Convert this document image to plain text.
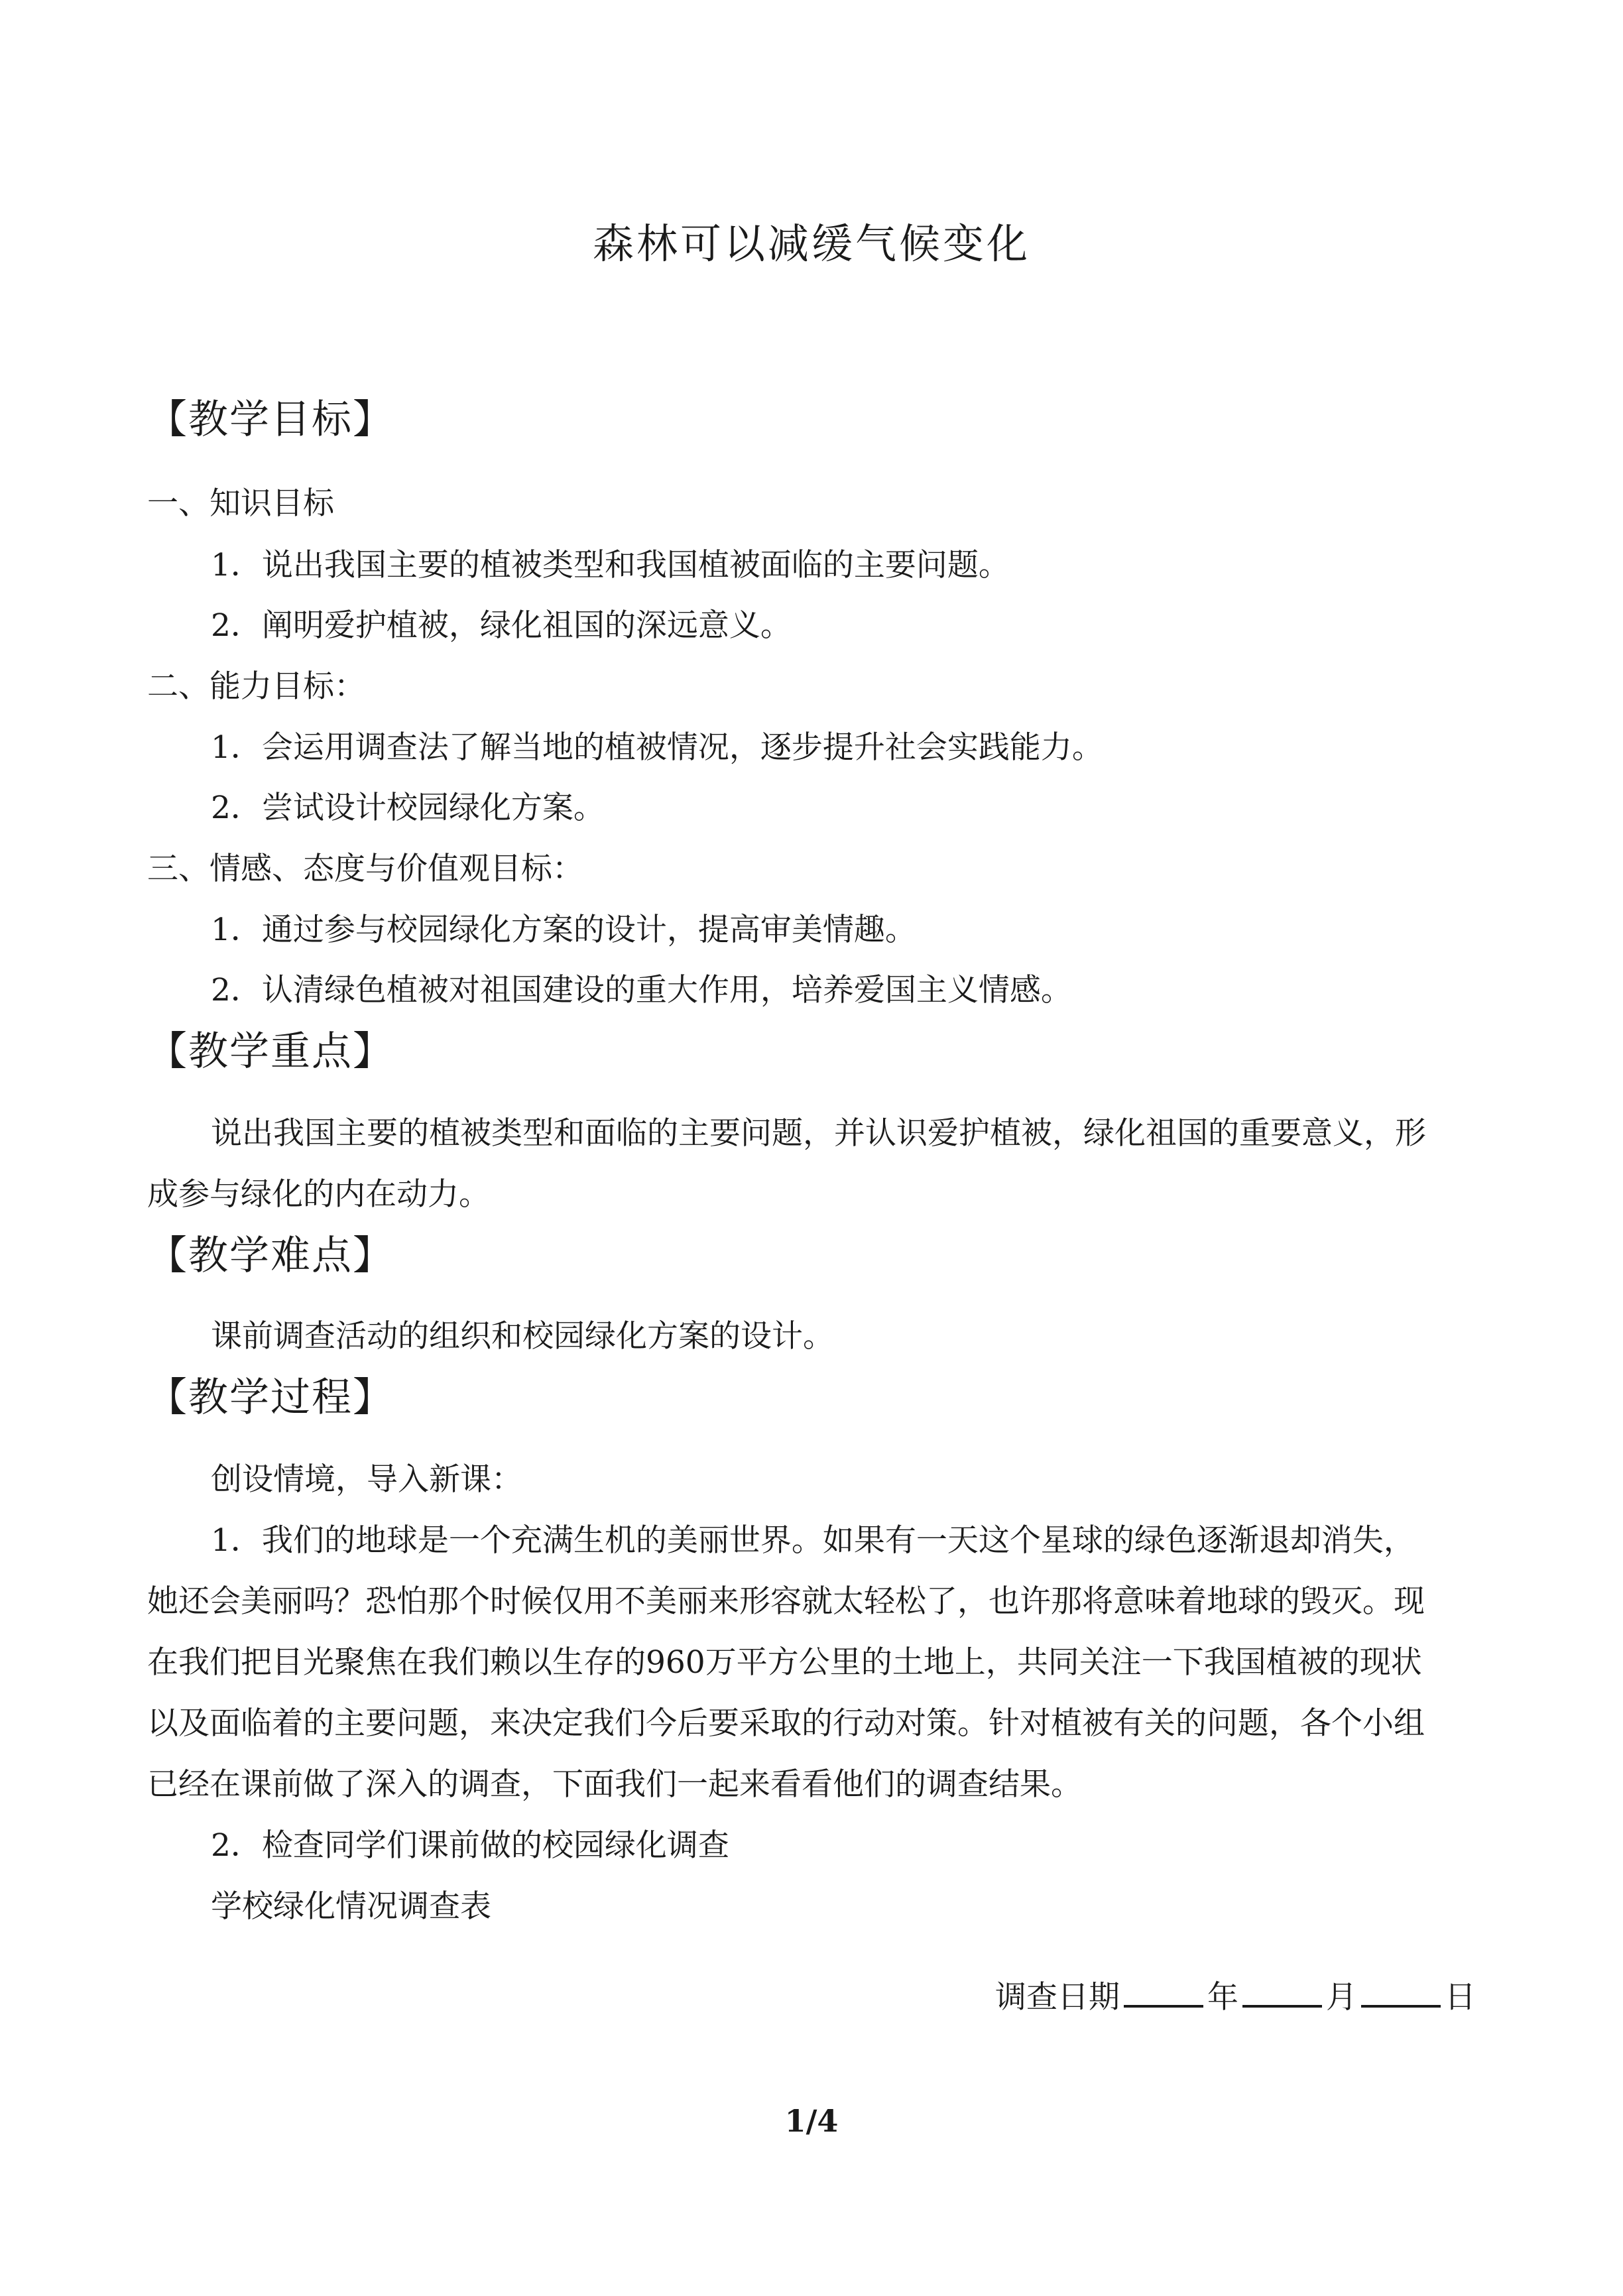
森林可以减缓气候变化
【教学目标】
一、知识目标
1．说出我国主要的植被类型和我国植被面临的主要问题。
2．阐明爱护植被，绿化祖国的深远意义。
二、能力目标：
1．会运用调查法了解当地的植被情况，逐步提升社会实践能力。
2．尝试设计校园绿化方案。
三、情感、态度与价值观目标：
1．通过参与校园绿化方案的设计，提高审美情趣。
2．认清绿色植被对祖国建设的重大作用，培养爱国主义情感。
【教学重点】
说出我国主要的植被类型和面临的主要问题，并认识爱护植被，绿化祖国的重要意义，形
成参与绿化的内在动力。
【教学难点】
课前调查活动的组织和校园绿化方案的设计。
【教学过程】
创设情境，导入新课：
1．我们的地球是一个充满生机的美丽世界。如果有一天这个星球的绿色逐渐退却消失，
她还会美丽吗？恐怕那个时候仅用不美丽来形容就太轻松了，也许那将意味着地球的毁灭。现
在我们把目光聚焦在我们赖以生存的960万平方公里的土地上，共同关注一下我国植被的现状
以及面临着的主要问题，来决定我们今后要采取的行动对策。针对植被有关的问题，各个小组
已经在课前做了深入的调查，下面我们一起来看看他们的调查结果。
2．检查同学们课前做的校园绿化调查
学校绿化情况调查表
调查日期	年	月	日
1/4
